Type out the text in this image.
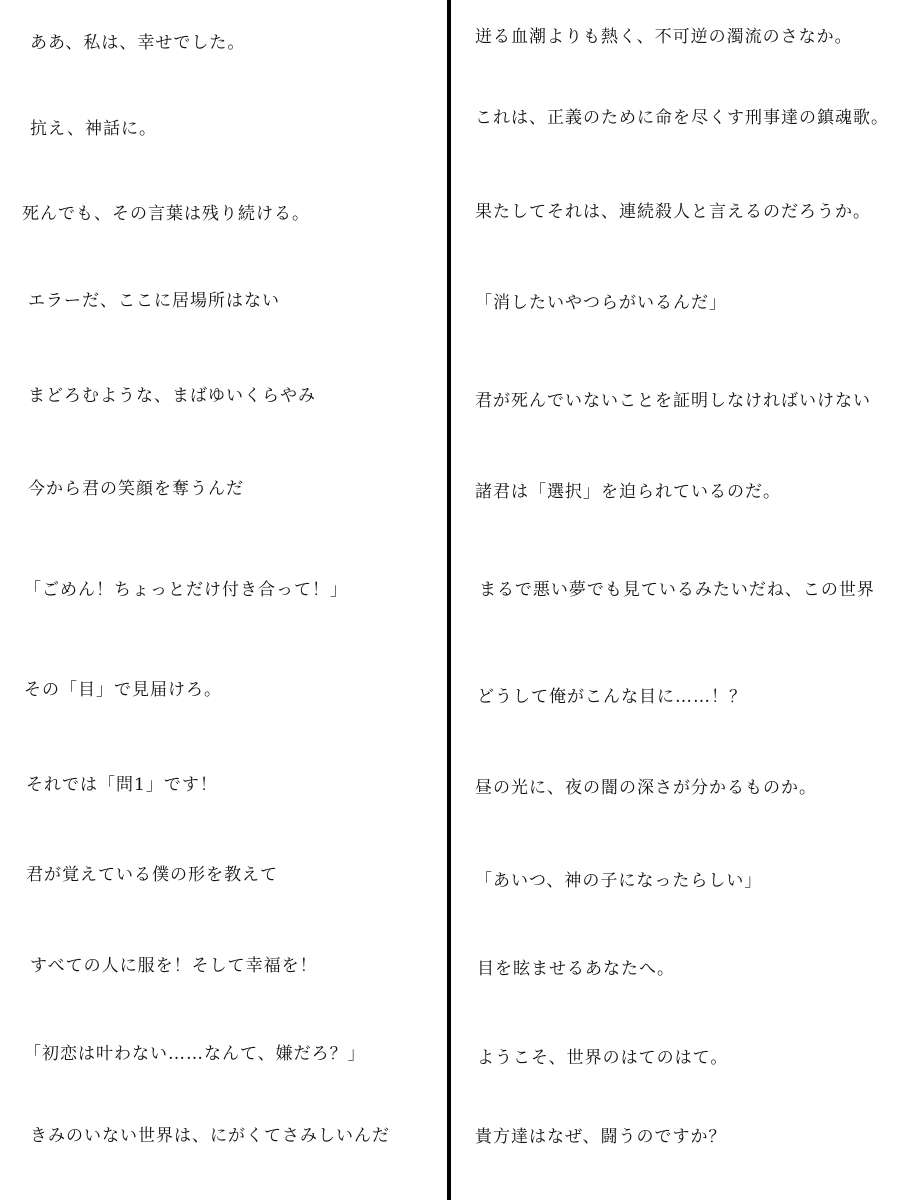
ああ、私は、幸せでした。
抗え、神話に。
死んでも、その言葉は残り続ける。
エラーだ、ここに居場所はない
まどろむような、まばゆいくらやみ
今から君の笑顔を奪うんだ
「ごめん！ちょっとだけ付き合って！」
その「目」で見届けろ。
それでは「問1」です！
君が覚えている僕の形を教えて
すべての人に服を！そして幸福を！
「初恋は叶わない……なんて、嫌だろ？」
きみのいない世界は、にがくてさみしいんだ
迸る血潮よりも熱く、不可逆の濁流のさなか。
これは、正義のために命を尽くす刑事達の鎮魂歌。
果たしてそれは、連続殺人と言えるのだろうか。
「消したいやつらがいるんだ」
君が死んでいないことを証明しなければいけない
諸君は「選択」を迫られているのだ。
まるで悪い夢でも見ているみたいだね、この世界
どうして俺がこんな目に……！？
昼の光に、夜の闇の深さが分かるものか。
「あいつ、神の子になったらしい」
目を眩ませるあなたへ。
ようこそ、世界のはてのはて。
貴方達はなぜ、闘うのですか？
